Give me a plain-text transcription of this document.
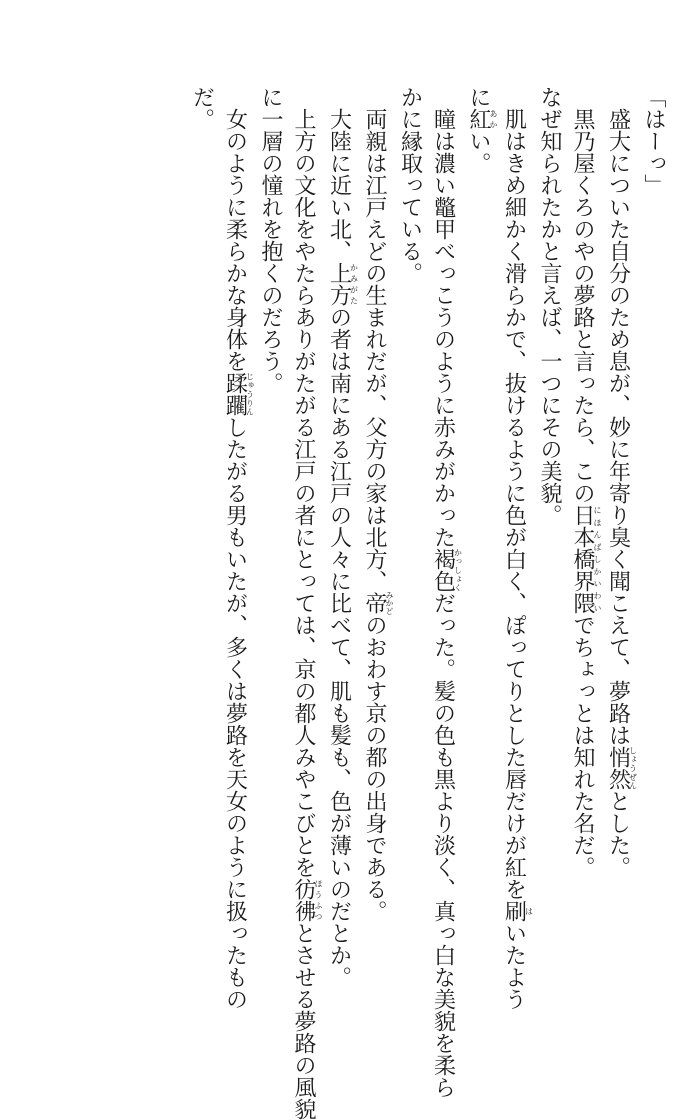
「はーっ」
　盛大についた自分のため息が、妙に年寄り臭く聞こえて、夢路は悄然しょうぜんとした。
　黒乃屋くろのやの夢路と言ったら、この日本橋界隈にほんばしかいわいでちょっとは知れた名だ。
なぜ知られたかと言えば、一つにその美貌。
　肌はきめ細かく滑らかで、抜けるように色が白く、ぽってりとした唇だけが紅を刷はいたよう
に紅あかい。
　瞳は濃い鼈甲べっこうのように赤みがかった褐色かっしょくだった。髪の色も黒より淡く、真っ白な美貌を柔ら
かに縁取っている。
　両親は江戸えどの生まれだが、父方の家は北方、帝みかどのおわす京の都の出身である。
　大陸に近い北、上方かみがたの者は南にある江戸の人々に比べて、肌も髪も、色が薄いのだとか。
　上方の文化をやたらありがたがる江戸の者にとっては、京の都人みやこびとを彷彿ほうふつとさせる夢路の風貌
に一層の憧れを抱くのだろう。
　女のように柔らかな身体を蹂躙じゅうりんしたがる男もいたが、多くは夢路を天女のように扱ったもの
だ。
